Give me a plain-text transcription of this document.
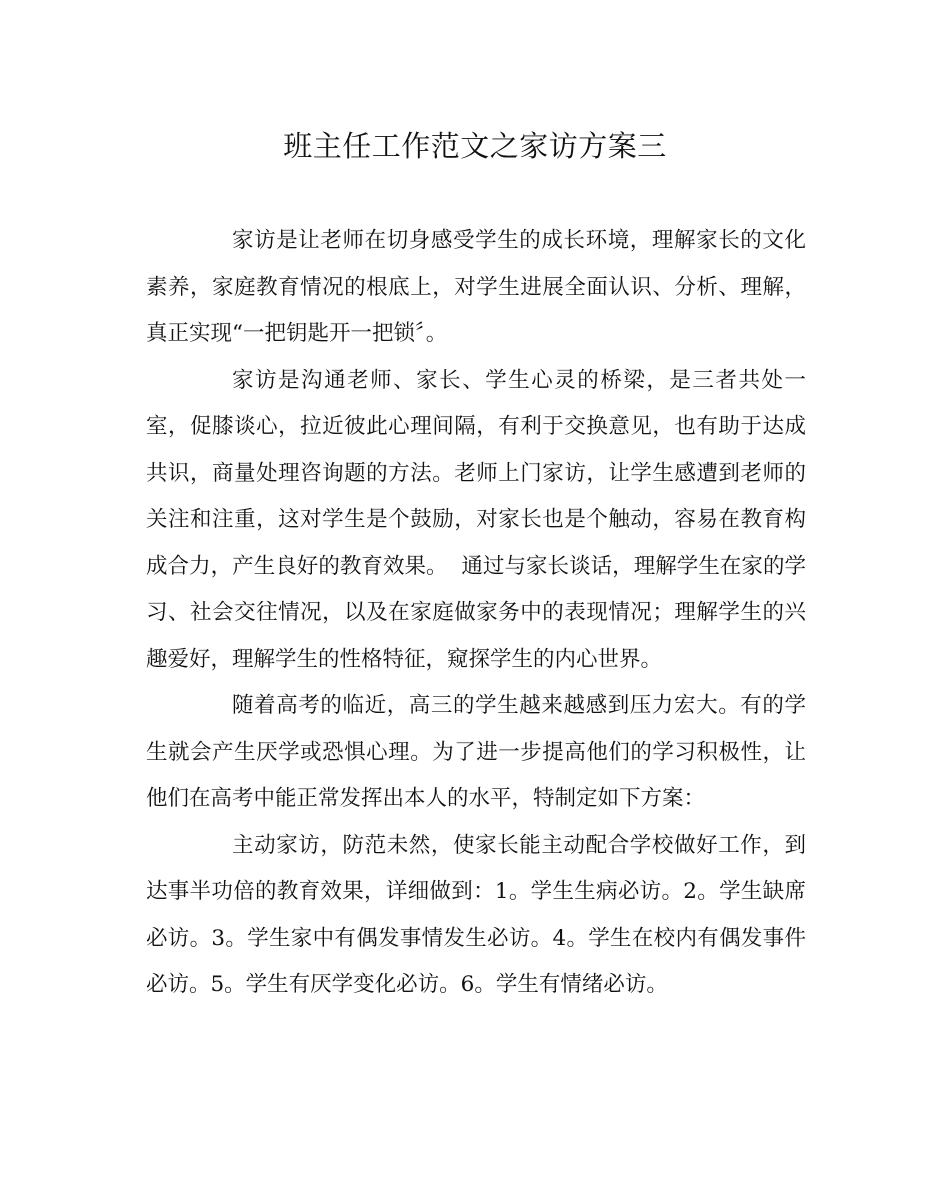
班主任工作范文之家访方案三

家访是让老师在切身感受学生的成长环境，理解家长的文化素养，家庭教育情况的根底上，对学生进展全面认识、分析、理解，真正实现“一把钥匙开一把锁〞。

家访是沟通老师、家长、学生心灵的桥梁，是三者共处一室，促膝谈心，拉近彼此心理间隔，有利于交换意见，也有助于达成共识，商量处理咨询题的方法。老师上门家访，让学生感遭到老师的关注和注重，这对学生是个鼓励，对家长也是个触动，容易在教育构成合力，产生良好的教育效果。  通过与家长谈话，理解学生在家的学习、社会交往情况，以及在家庭做家务中的表现情况；理解学生的兴趣爱好，理解学生的性格特征，窥探学生的内心世界。

随着高考的临近，高三的学生越来越感到压力宏大。有的学生就会产生厌学或恐惧心理。为了进一步提高他们的学习积极性，让他们在高考中能正常发挥出本人的水平，特制定如下方案：

主动家访，防范未然，使家长能主动配合学校做好工作，到达事半功倍的教育效果，详细做到：1。学生生病必访。2。学生缺席必访。3。学生家中有偶发事情发生必访。4。学生在校内有偶发事件必访。5。学生有厌学变化必访。6。学生有情绪必访。
